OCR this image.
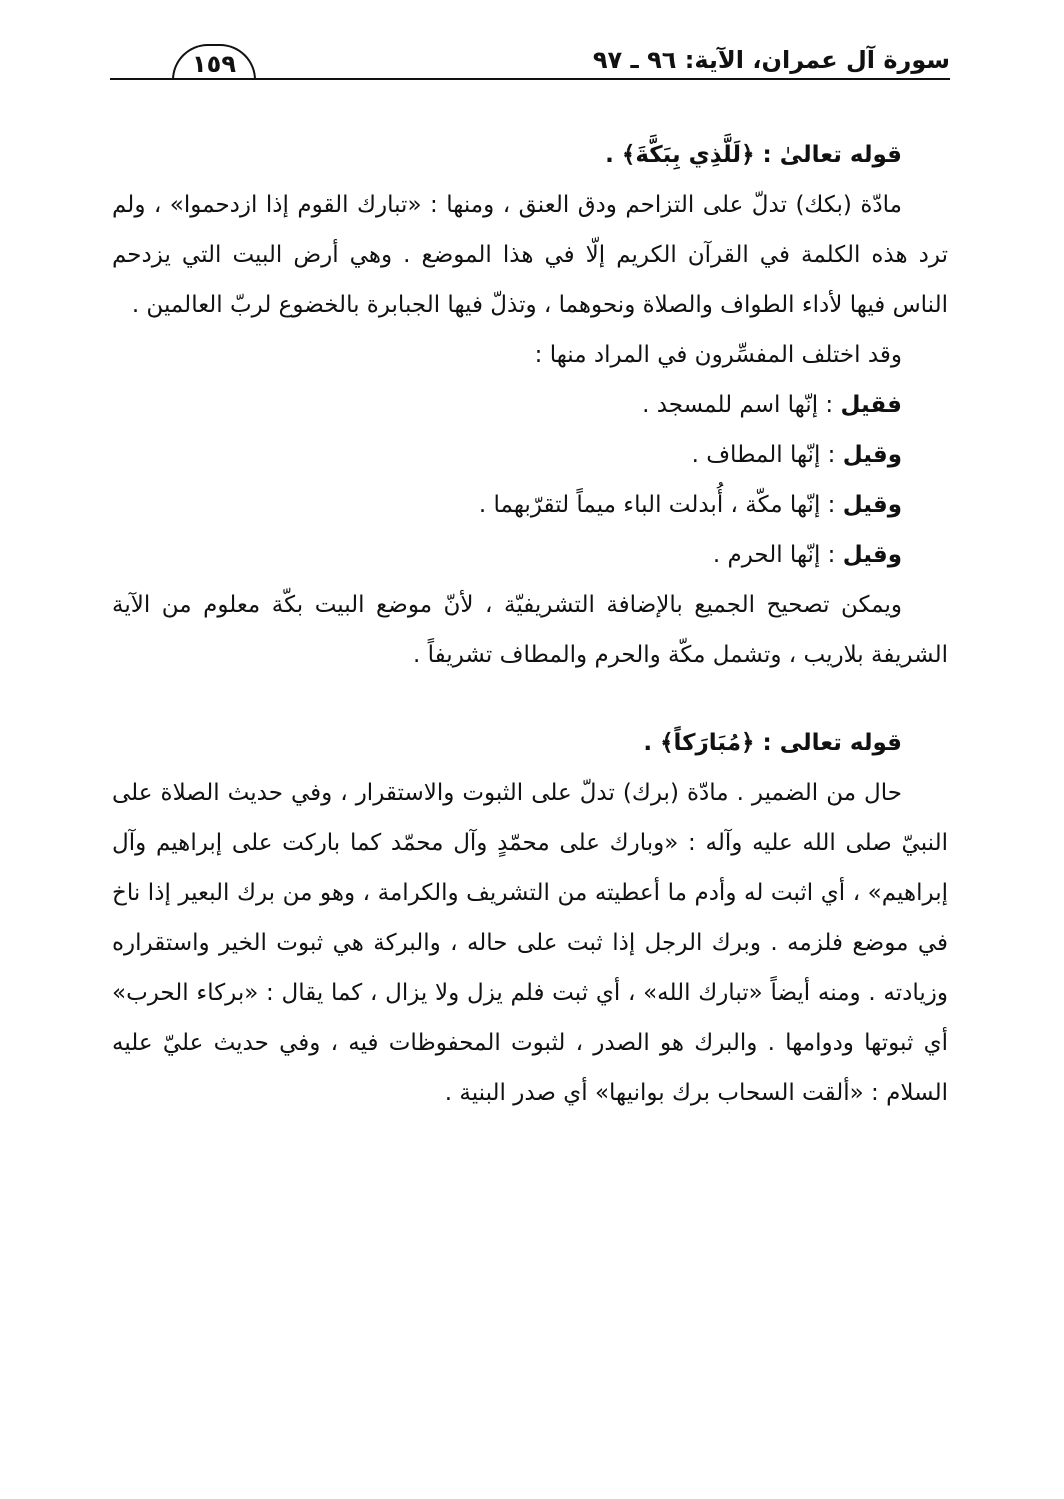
سورة آل عمران، الآية: ٩٦ ـ ٩٧
١٥٩

قوله تعالىٰ : ﴿لَلَّذِي بِبَكَّةَ﴾ .

مادّة (بكك) تدلّ على التزاحم ودق العنق ، ومنها : «تبارك القوم إذا ازدحموا» ، ولم ترد هذه الكلمة في القرآن الكريم إلّا في هذا الموضع . وهي أرض البيت التي يزدحم الناس فيها لأداء الطواف والصلاة ونحوهما ، وتذلّ فيها الجبابرة بالخضوع لربّ العالمين .

وقد اختلف المفسِّرون في المراد منها :

فقيل : إنّها اسم للمسجد .

وقيل : إنّها المطاف .

وقيل : إنّها مكّة ، أُبدلت الباء ميماً لتقرّبهما .

وقيل : إنّها الحرم .

ويمكن تصحيح الجميع بالإضافة التشريفيّة ، لأنّ موضع البيت بكّة معلوم من الآية الشريفة بلاريب ، وتشمل مكّة والحرم والمطاف تشريفاً .

قوله تعالى : ﴿مُبَارَكاً﴾ .

حال من الضمير . مادّة (برك) تدلّ على الثبوت والاستقرار ، وفي حديث الصلاة على النبيّ صلى الله عليه وآله : «وبارك على محمّدٍ وآل محمّد كما باركت على إبراهيم وآل إبراهيم» ، أي اثبت له وأدم ما أعطيته من التشريف والكرامة ، وهو من برك البعير إذا ناخ في موضع فلزمه . وبرك الرجل إذا ثبت على حاله ، والبركة هي ثبوت الخير واستقراره وزيادته . ومنه أيضاً «تبارك الله» ، أي ثبت فلم يزل ولا يزال ، كما يقال : «بركاء الحرب» أي ثبوتها ودوامها . والبرك هو الصدر ، لثبوت المحفوظات فيه ، وفي حديث عليّ عليه السلام : «ألقت السحاب برك بوانيها» أي صدر البنية .
